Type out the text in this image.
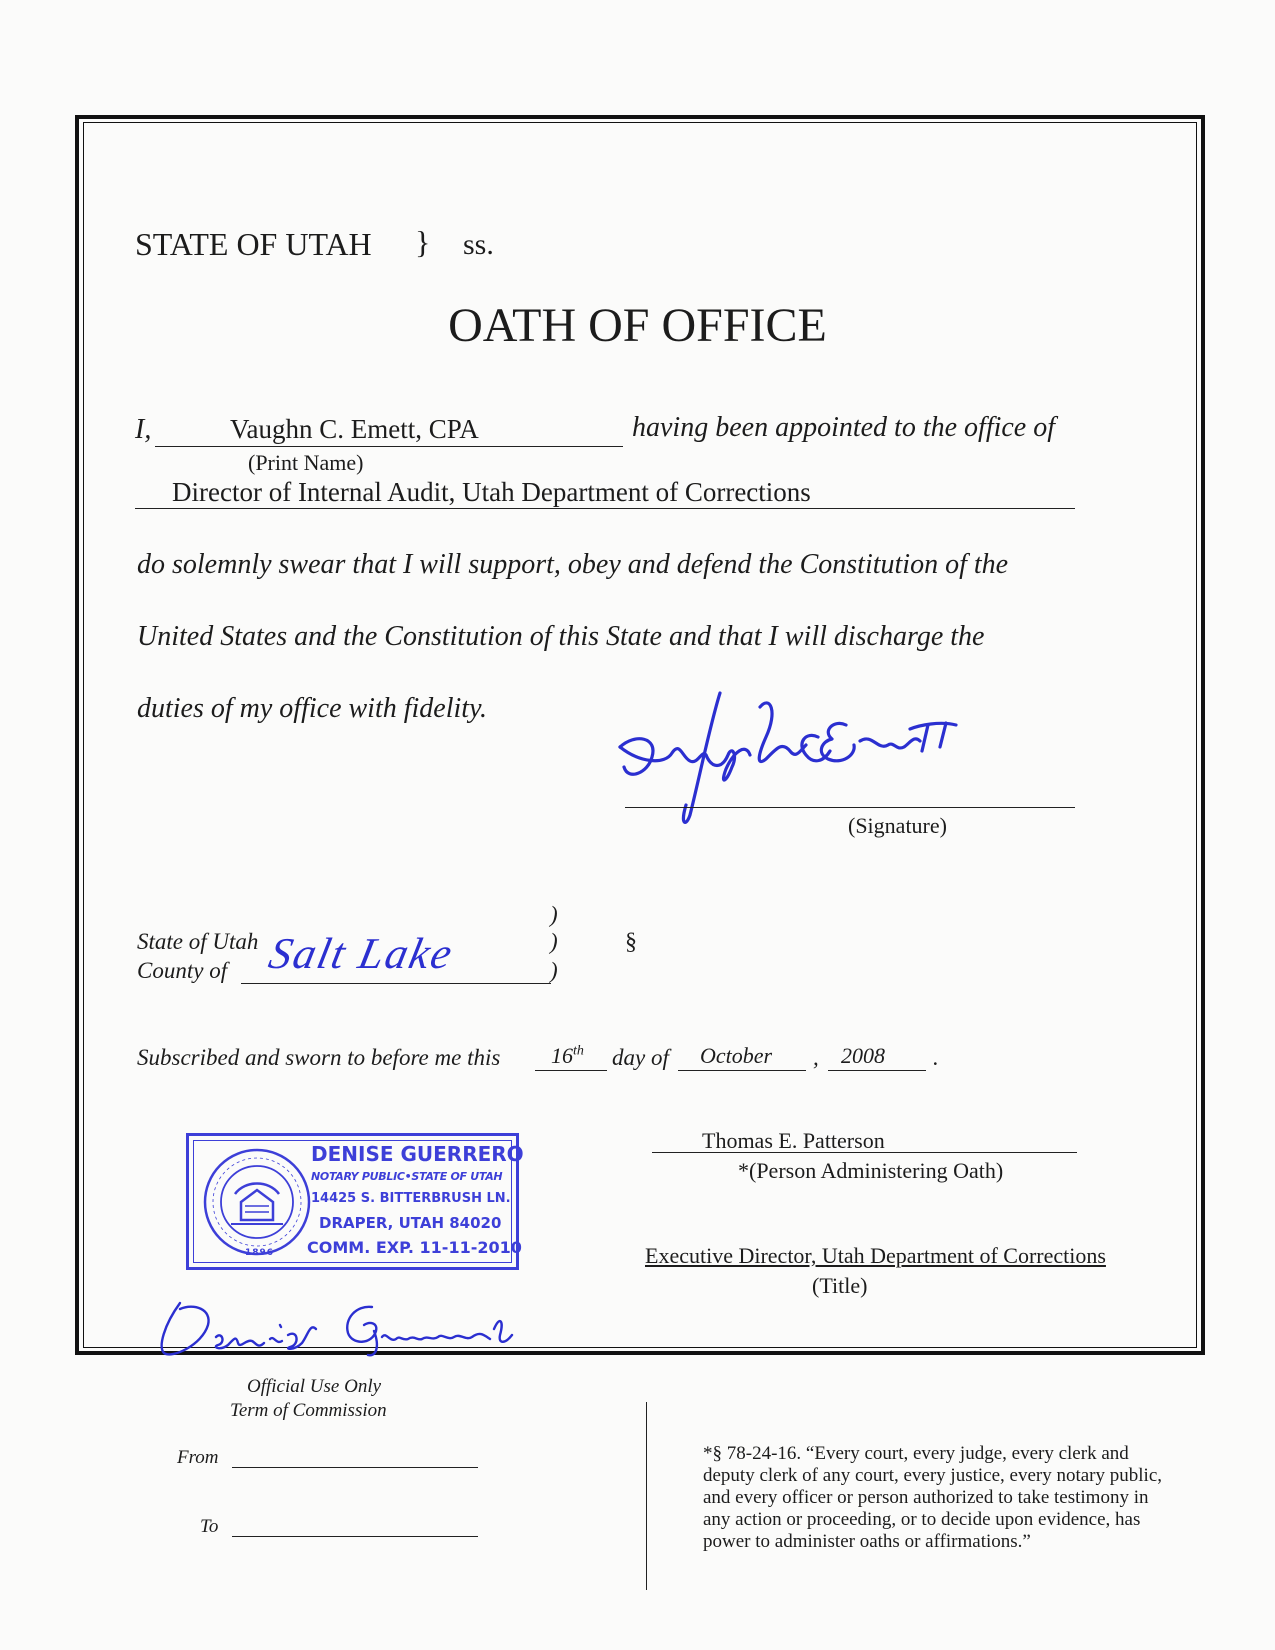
STATE OF UTAH } ss.
OATH OF OFFICE
I,	Vaughn C. Emett, CPA	having been appointed to the office of
(Print Name)
Director of Internal Audit, Utah Department of Corrections
do solemnly swear that I will support, obey and defend the Constitution of the
United States and the Constitution of this State and that I will discharge the
duties of my office with fidelity.
(Signature)
)
State of Utah	)	§
County of	)
Salt Lake
Subscribed and sworn to before me this 16th day of October , 2008 .
Thomas E. Patterson
*(Person Administering Oath)
Executive Director, Utah Department of Corrections
(Title)
1896
DENISE GUERRERO
NOTARY PUBLIC•STATE OF UTAH
14425 S. BITTERBRUSH LN.
DRAPER, UTAH 84020
COMM. EXP. 11-11-2010
Official Use Only
Term of Commission
From
To
*§ 78-24-16. “Every court, every judge, every clerk and
deputy clerk of any court, every justice, every notary public,
and every officer or person authorized to take testimony in
any action or proceeding, or to decide upon evidence, has
power to administer oaths or affirmations.”
